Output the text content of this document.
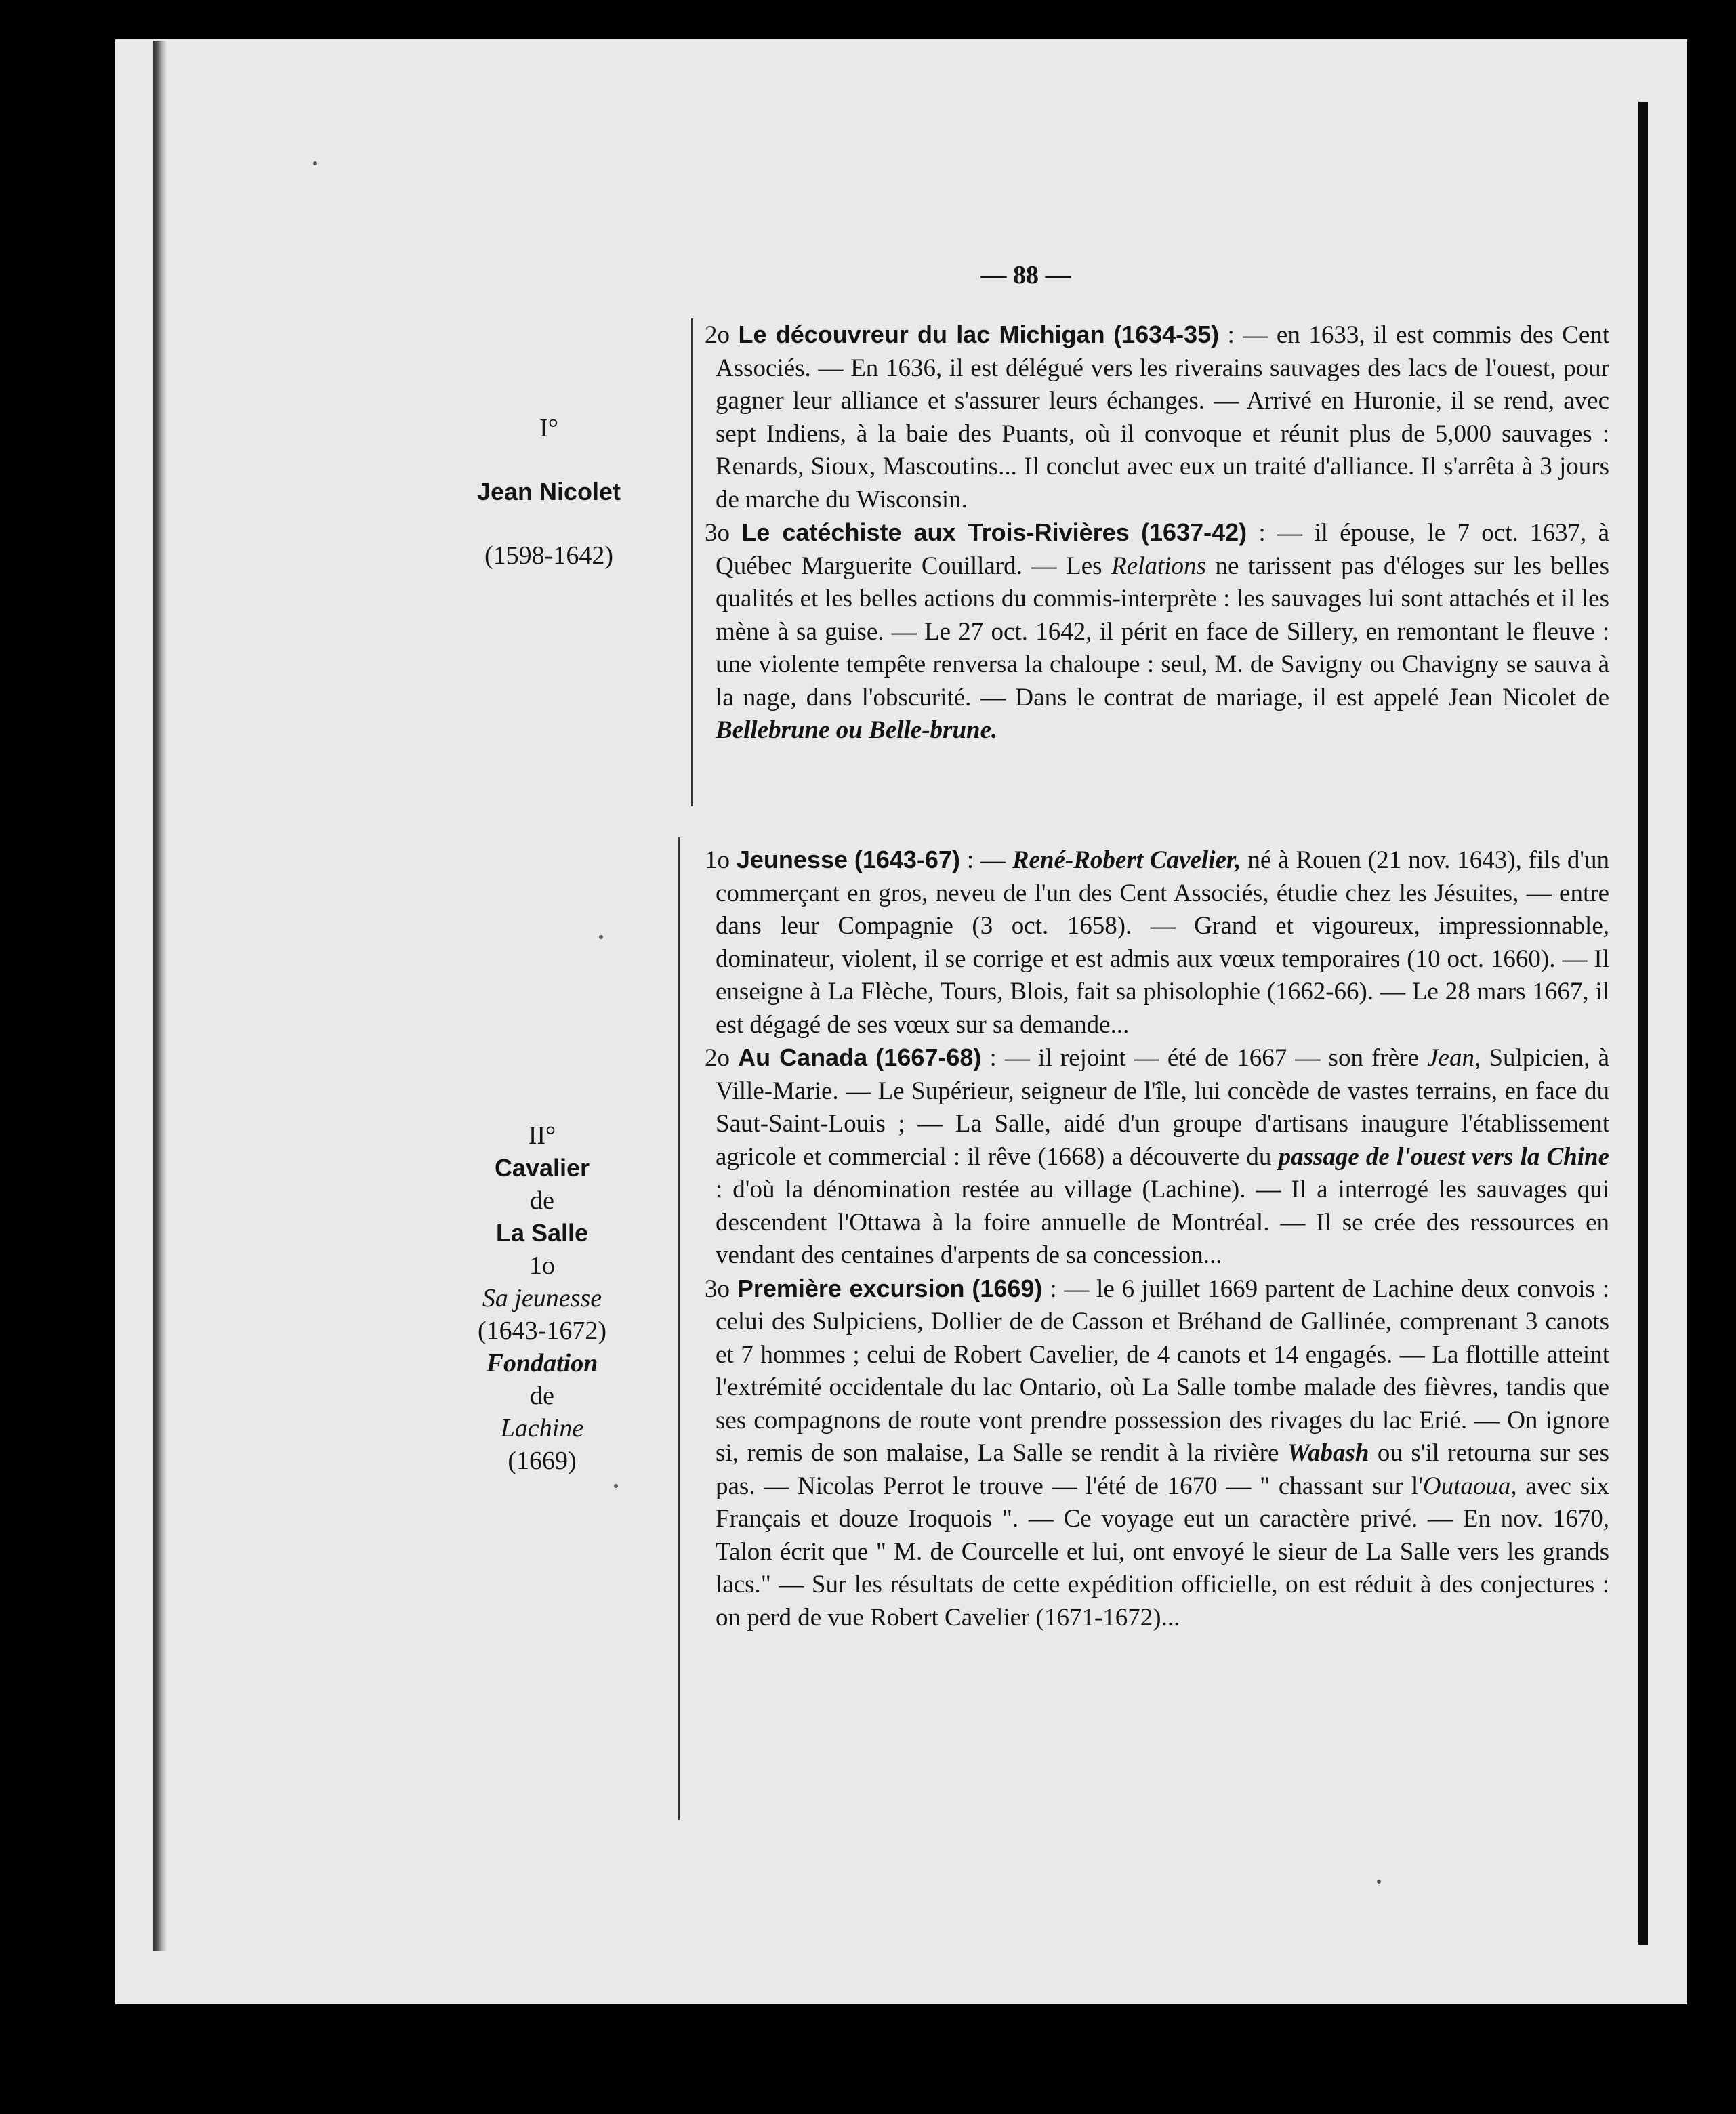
— 88 —
I°
Jean Nicolet
(1598-1642)

2o Le découvreur du lac Michigan (1634-35) : — en 1633, il est commis des Cent Associés. — En 1636, il est délégué vers les riverains sauvages des lacs de l'ouest, pour gagner leur alliance et s'assurer leurs échanges. — Arrivé en Huronie, il se rend, avec sept Indiens, à la baie des Puants, où il convoque et réunit plus de 5,000 sauvages : Renards, Sioux, Mascoutins... Il conclut avec eux un traité d'alliance. Il s'arrêta à 3 jours de marche du Wisconsin.

3o Le catéchiste aux Trois-Rivières (1637-42) : — il épouse, le 7 oct. 1637, à Québec Marguerite Couillard. — Les Relations ne tarissent pas d'éloges sur les belles qualités et les belles actions du commis-interprète : les sauvages lui sont attachés et il les mène à sa guise. — Le 27 oct. 1642, il périt en face de Sillery, en remontant le fleuve : une violente tempête renversa la chaloupe : seul, M. de Savigny ou Chavigny se sauva à la nage, dans l'obscurité. — Dans le contrat de mariage, il est appelé Jean Nicolet de Bellebrune ou Belle-brune.

II°
Cavalier
de
La Salle
1o
Sa jeunesse
(1643-1672)
Fondation
de
Lachine
(1669)

1o Jeunesse (1643-67) : — René-Robert Cavelier, né à Rouen (21 nov. 1643), fils d'un commerçant en gros, neveu de l'un des Cent Associés, étudie chez les Jésuites, — entre dans leur Compagnie (3 oct. 1658). — Grand et vigoureux, impressionnable, dominateur, violent, il se corrige et est admis aux vœux temporaires (10 oct. 1660). — Il enseigne à La Flèche, Tours, Blois, fait sa phisolophie (1662-66). — Le 28 mars 1667, il est dégagé de ses vœux sur sa demande...

2o Au Canada (1667-68) : — il rejoint — été de 1667 — son frère Jean, Sulpicien, à Ville-Marie. — Le Supérieur, seigneur de l'île, lui concède de vastes terrains, en face du Saut-Saint-Louis ; — La Salle, aidé d'un groupe d'artisans inaugure l'établissement agricole et commercial : il rêve (1668) a découverte du passage de l'ouest vers la Chine : d'où la dénomination restée au village (Lachine). — Il a interrogé les sauvages qui descendent l'Ottawa à la foire annuelle de Montréal. — Il se crée des ressources en vendant des centaines d'arpents de sa concession...

3o Première excursion (1669) : — le 6 juillet 1669 partent de Lachine deux convois : celui des Sulpiciens, Dollier de de Casson et Bréhand de Gallinée, comprenant 3 canots et 7 hommes ; celui de Robert Cavelier, de 4 canots et 14 engagés. — La flottille atteint l'extrémité occidentale du lac Ontario, où La Salle tombe malade des fièvres, tandis que ses compagnons de route vont prendre possession des rivages du lac Erié. — On ignore si, remis de son malaise, La Salle se rendit à la rivière Wabash ou s'il retourna sur ses pas. — Nicolas Perrot le trouve — l'été de 1670 — " chassant sur l'Outaoua, avec six Français et douze Iroquois ". — Ce voyage eut un caractère privé. — En nov. 1670, Talon écrit que " M. de Courcelle et lui, ont envoyé le sieur de La Salle vers les grands lacs." — Sur les résultats de cette expédition officielle, on est réduit à des conjectures : on perd de vue Robert Cavelier (1671-1672)...
